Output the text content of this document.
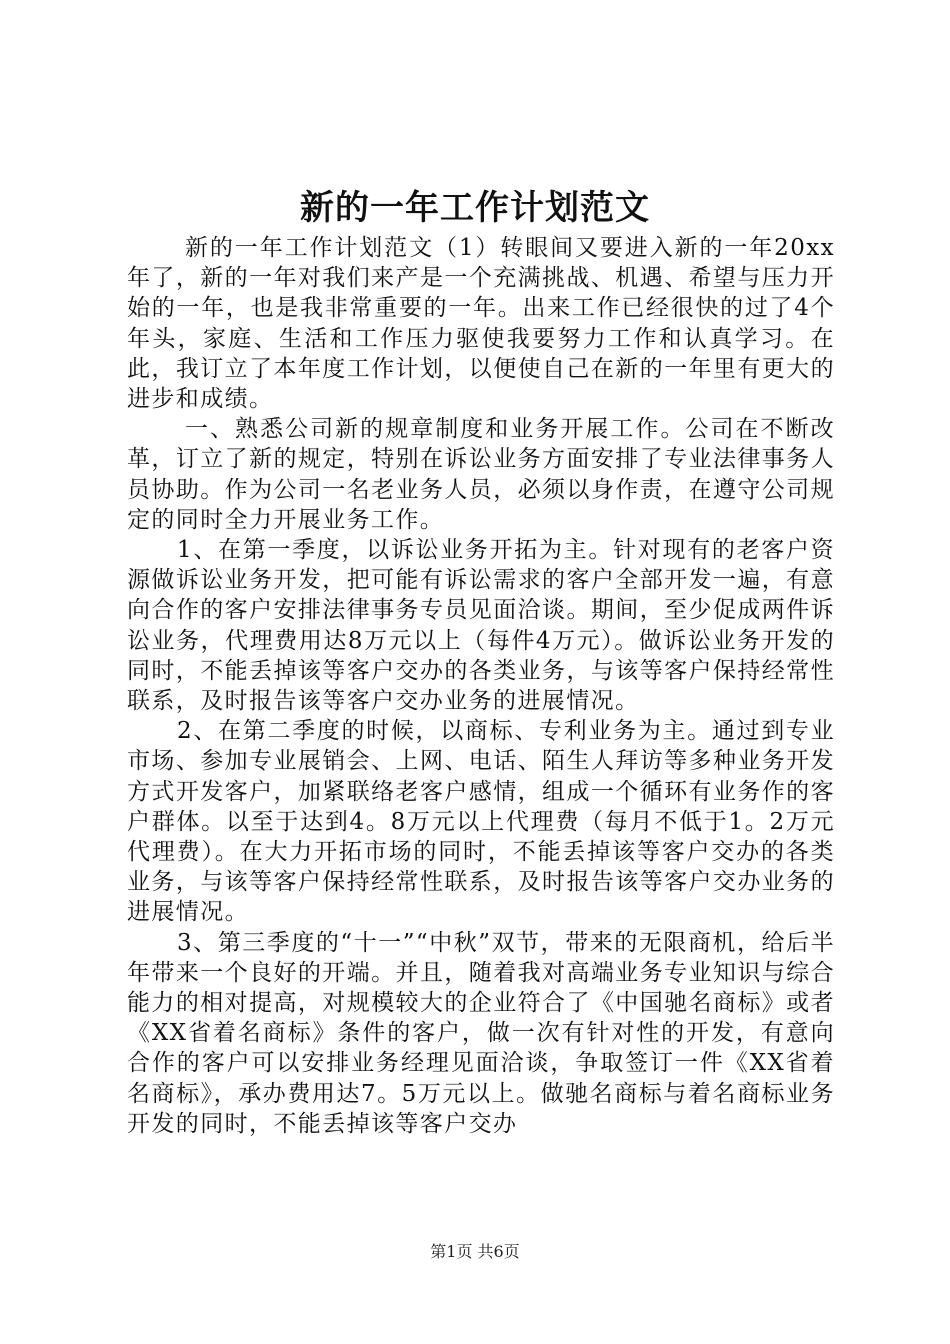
新的一年工作计划范文

新的一年工作计划范文（1）转眼间又要进入新的一年20xx年了，新的一年对我们来产是一个充满挑战、机遇、希望与压力开始的一年，也是我非常重要的一年。出来工作已经很快的过了4个年头，家庭、生活和工作压力驱使我要努力工作和认真学习。在此，我订立了本年度工作计划，以便使自己在新的一年里有更大的进步和成绩。

一、熟悉公司新的规章制度和业务开展工作。公司在不断改革，订立了新的规定，特别在诉讼业务方面安排了专业法律事务人员协助。作为公司一名老业务人员，必须以身作责，在遵守公司规定的同时全力开展业务工作。

1、在第一季度，以诉讼业务开拓为主。针对现有的老客户资源做诉讼业务开发，把可能有诉讼需求的客户全部开发一遍，有意向合作的客户安排法律事务专员见面洽谈。期间，至少促成两件诉讼业务，代理费用达8万元以上（每件4万元）。做诉讼业务开发的同时，不能丢掉该等客户交办的各类业务，与该等客户保持经常性联系，及时报告该等客户交办业务的进展情况。

2、在第二季度的时候，以商标、专利业务为主。通过到专业市场、参加专业展销会、上网、电话、陌生人拜访等多种业务开发方式开发客户，加紧联络老客户感情，组成一个循环有业务作的客户群体。以至于达到4。8万元以上代理费（每月不低于1。2万元代理费）。在大力开拓市场的同时，不能丢掉该等客户交办的各类业务，与该等客户保持经常性联系，及时报告该等客户交办业务的进展情况。

3、第三季度的“十一”“中秋”双节，带来的无限商机，给后半年带来一个良好的开端。并且，随着我对高端业务专业知识与综合能力的相对提高，对规模较大的企业符合了《中国驰名商标》或者《XX省着名商标》条件的客户，做一次有针对性的开发，有意向合作的客户可以安排业务经理见面洽谈，争取签订一件《XX省着名商标》，承办费用达7。5万元以上。做驰名商标与着名商标业务开发的同时，不能丢掉该等客户交办

第1页 共6页
